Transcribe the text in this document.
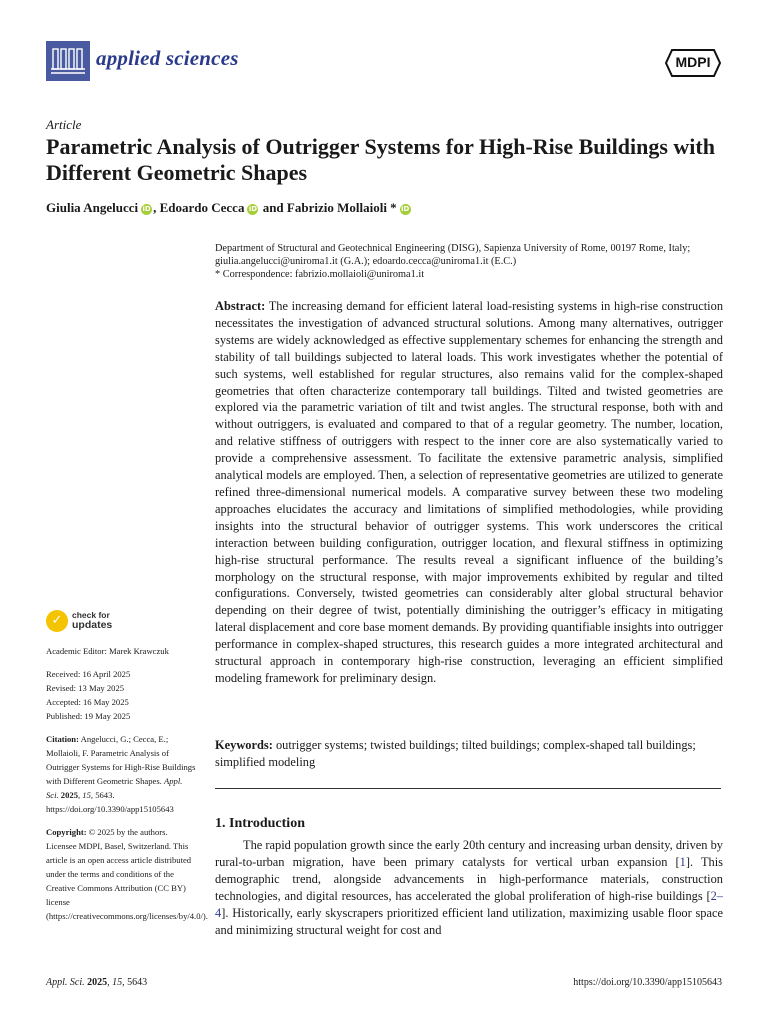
applied sciences	MDPI
Article
Parametric Analysis of Outrigger Systems for High-Rise Buildings with Different Geometric Shapes
Giulia Angelucci iD , Edoardo Cecca iD and Fabrizio Mollaioli * iD
Department of Structural and Geotechnical Engineering (DISG), Sapienza University of Rome, 00197 Rome, Italy;
giulia.angelucci@uniroma1.it (G.A.); edoardo.cecca@uniroma1.it (E.C.)
* Correspondence: fabrizio.mollaioli@uniroma1.it

Abstract: The increasing demand for efficient lateral load-resisting systems in high-rise construction necessitates the investigation of advanced structural solutions. Among many alternatives, outrigger systems are widely acknowledged as effective supplementary schemes for enhancing the strength and stability of tall buildings subjected to lateral loads. This work investigates whether the potential of such systems, well established for regular structures, also remains valid for the complex-shaped geometries that often characterize contemporary tall buildings. Tilted and twisted geometries are explored via the parametric variation of tilt and twist angles. The structural response, both with and without outriggers, is evaluated and compared to that of a regular geometry. The number, location, and relative stiffness of outriggers with respect to the inner core are also systematically varied to provide a comprehensive assessment. To facilitate the extensive parametric analysis, simplified analytical models are employed. Then, a selection of representative geometries are utilized to generate refined three-dimensional numerical models. A comparative survey between these two modeling approaches elucidates the accuracy and limitations of simplified methodologies, while providing insights into the structural behavior of outrigger systems. This work underscores the critical interaction between building configuration, outrigger location, and flexural stiffness in optimizing high-rise structural performance. The results reveal a significant influence of the building’s morphology on the structural response, with major improvements exhibited by regular and tilted configurations. Conversely, twisted geometries can considerably alter global structural behavior depending on their degree of twist, potentially diminishing the outrigger’s efficacy in mitigating lateral displacement and core base moment demands. By providing quantifiable insights into outrigger performance in complex-shaped structures, this research guides a more integrated architectural and structural approach in contemporary high-rise construction, leveraging an efficient simplified modeling framework for preliminary design.

Keywords: outrigger systems; twisted buildings; tilted buildings; complex-shaped tall buildings; simplified modeling

1. Introduction

The rapid population growth since the early 20th century and increasing urban density, driven by rural-to-urban migration, have been primary catalysts for vertical urban expansion [1]. This demographic trend, alongside advancements in high-performance materials, construction technologies, and digital resources, has accelerated the global proliferation of high-rise buildings [2–4]. Historically, early skyscrapers prioritized efficient land utilization, maximizing usable floor space and minimizing structural weight for cost and

✓	check for
updates
Academic Editor: Marek Krawczuk
Received: 16 April 2025
Revised: 13 May 2025
Accepted: 16 May 2025
Published: 19 May 2025
Citation: Angelucci, G.; Cecca, E.; Mollaioli, F. Parametric Analysis of Outrigger Systems for High-Rise Buildings with Different Geometric Shapes. Appl. Sci. 2025, 15, 5643. https://doi.org/10.3390/app15105643
Copyright: © 2025 by the authors. Licensee MDPI, Basel, Switzerland. This article is an open access article distributed under the terms and conditions of the Creative Commons Attribution (CC BY) license (https://creativecommons.org/licenses/by/4.0/).
Appl. Sci. 2025, 15, 5643	https://doi.org/10.3390/app15105643
